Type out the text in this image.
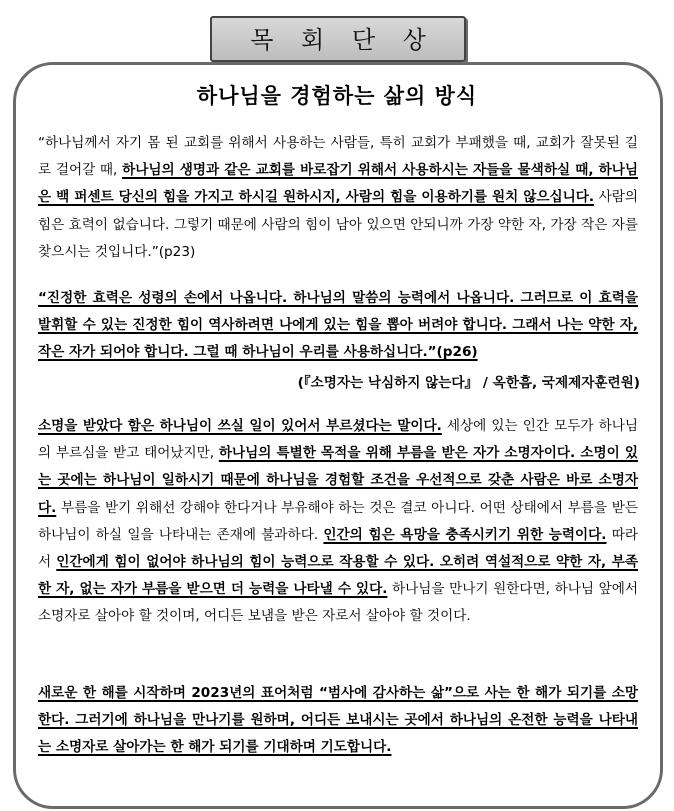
목 회 단 상
하나님을 경험하는 삶의 방식
“하나님께서 자기 몸 된 교회를 위해서 사용하는 사람들, 특히 교회가 부패했을 때, 교회가 잘못된 길로 걸어갈 때, 하나님의 생명과 같은 교회를 바로잡기 위해서 사용하시는 자들을 물색하실 때, 하나님은 백 퍼센트 당신의 힘을 가지고 하시길 원하시지, 사람의 힘을 이용하기를 원치 않으십니다. 사람의 힘은 효력이 없습니다. 그렇기 때문에 사람의 힘이 남아 있으면 안되니까 가장 약한 자, 가장 작은 자를 찾으시는 것입니다.”(p23)
“진정한 효력은 성령의 손에서 나옵니다. 하나님의 말씀의 능력에서 나옵니다. 그러므로 이 효력을 발휘할 수 있는 진정한 힘이 역사하려면 나에게 있는 힘을 뽑아 버려야 합니다. 그래서 나는 약한 자, 작은 자가 되어야 합니다. 그럴 때 하나님이 우리를 사용하십니다.”(p26)
(『소명자는 낙심하지 않는다』 / 옥한흠, 국제제자훈련원)
소명을 받았다 함은 하나님이 쓰실 일이 있어서 부르셨다는 말이다. 세상에 있는 인간 모두가 하나님의 부르심을 받고 태어났지만, 하나님의 특별한 목적을 위해 부름을 받은 자가 소명자이다. 소명이 있는 곳에는 하나님이 일하시기 때문에 하나님을 경험할 조건을 우선적으로 갖춘 사람은 바로 소명자다. 부름을 받기 위해선 강해야 한다거나 부유해야 하는 것은 결코 아니다. 어떤 상태에서 부름을 받든 하나님이 하실 일을 나타내는 존재에 불과하다. 인간의 힘은 욕망을 충족시키기 위한 능력이다. 따라서 인간에게 힘이 없어야 하나님의 힘이 능력으로 작용할 수 있다. 오히려 역설적으로 약한 자, 부족한 자, 없는 자가 부름을 받으면 더 능력을 나타낼 수 있다. 하나님을 만나기 원한다면, 하나님 앞에서 소명자로 살아야 할 것이며, 어디든 보냄을 받은 자로서 살아야 할 것이다.
새로운 한 해를 시작하며 2023년의 표어처럼 “범사에 감사하는 삶”으로 사는 한 해가 되기를 소망한다. 그러기에 하나님을 만나기를 원하며, 어디든 보내시는 곳에서 하나님의 온전한 능력을 나타내는 소명자로 살아가는 한 해가 되기를 기대하며 기도합니다.
